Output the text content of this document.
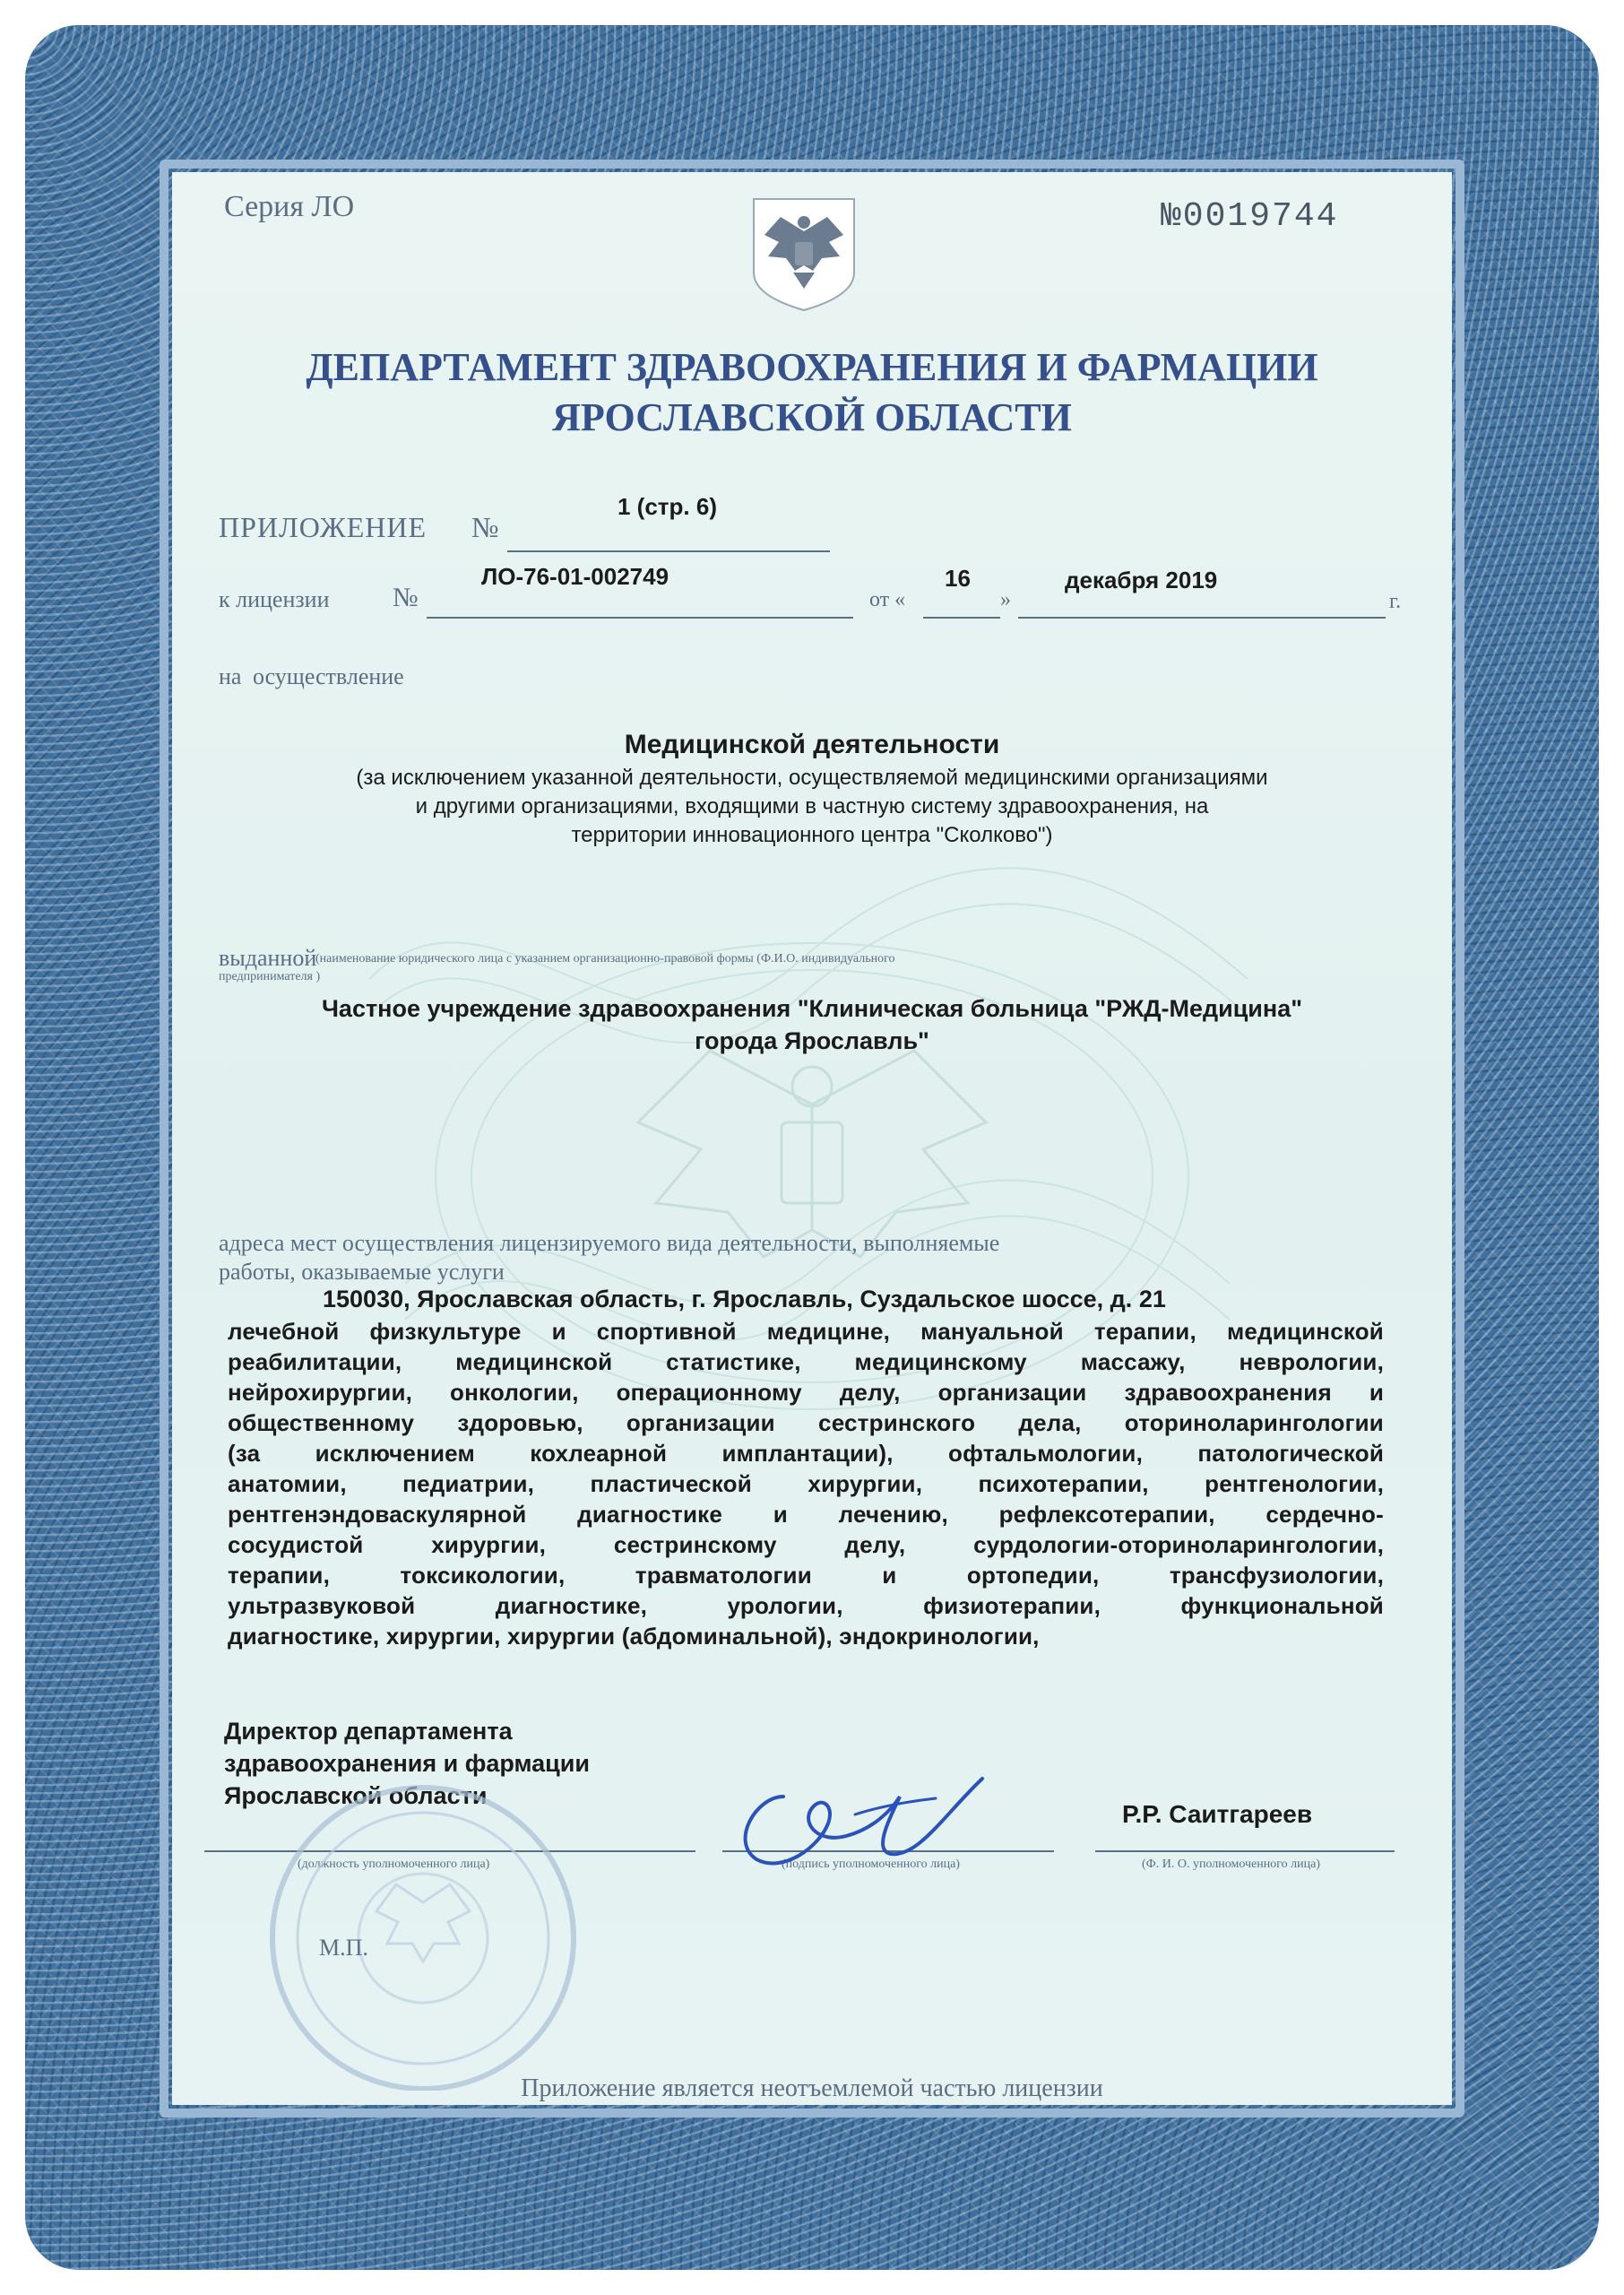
Серия ЛО	№0019744
ДЕПАРТАМЕНТ ЗДРАВООХРАНЕНИЯ И ФАРМАЦИИ
ЯРОСЛАВСКОЙ ОБЛАСТИ
ПРИЛОЖЕНИЕ №
1 (стр. 6)
к лицензии №
ЛО-76-01-002749
от «
16
»
декабря 2019
г.
на осуществление
Медицинской деятельности
(за исключением указанной деятельности, осуществляемой медицинскими организациями
и другими организациями, входящими в частную систему здравоохранения, на
территории инновационного центра "Сколково")
выданной
(наименование юридического лица с указанием организационно-правовой формы (Ф.И.О. индивидуального
предпринимателя )
Частное учреждение здравоохранения "Клиническая больница "РЖД-Медицина"
города Ярославль"
адреса мест осуществления лицензируемого вида деятельности, выполняемые
работы, оказываемые услуги
150030, Ярославская область, г. Ярославль, Суздальское шоссе, д. 21
лечебной физкультуре и спортивной медицине, мануальной терапии, медицинской
реабилитации, медицинской статистике, медицинскому массажу, неврологии,
нейрохирургии, онкологии, операционному делу, организации здравоохранения и
общественному здоровью, организации сестринского дела, оториноларингологии
(за исключением кохлеарной имплантации), офтальмологии, патологической
анатомии, педиатрии, пластической хирургии, психотерапии, рентгенологии,
рентгенэндоваскулярной диагностике и лечению, рефлексотерапии, сердечно-
сосудистой хирургии, сестринскому делу, сурдологии-оториноларингологии,
терапии, токсикологии, травматологии и ортопедии, трансфузиологии,
ультразвуковой диагностике, урологии, физиотерапии, функциональной
диагностике, хирургии, хирургии (абдоминальной), эндокринологии,
Директор департамента
здравоохранения и фармации
Ярославской области
(должность уполномоченного лица)	(подпись уполномоченного лица)	(Ф. И. О. уполномоченного лица)
Р.Р. Саитгареев
М.П.
Приложение является неотъемлемой частью лицензии
